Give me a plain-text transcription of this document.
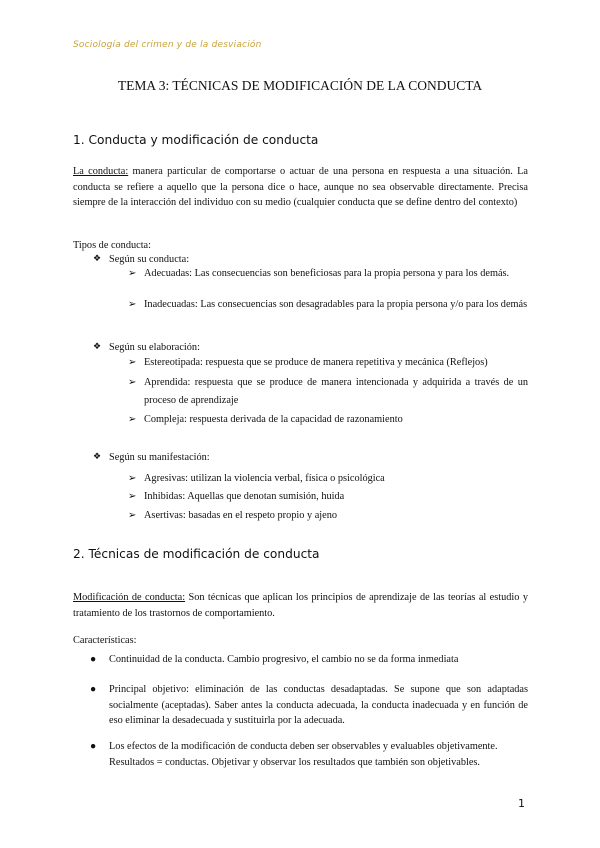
Sociología del crimen y de la desviación
TEMA 3: TÉCNICAS DE MODIFICACIÓN DE LA CONDUCTA
1. Conducta y modificación de conducta
La conducta: manera particular de comportarse o actuar de una persona en respuesta a una situación. La conducta se refiere a aquello que la persona dice o hace, aunque no sea observable directamente. Precisa siempre de la interacción del individuo con su medio (cualquier conducta que se define dentro del contexto)
Tipos de conducta:
❖ Según su conducta:
➢ Adecuadas: Las consecuencias son beneficiosas para la propia persona y para los demás.
➢ Inadecuadas: Las consecuencias son desagradables para la propia persona y/o para los demás
❖ Según su elaboración:
➢ Estereotipada: respuesta que se produce de manera repetitiva y mecánica (Reflejos)
➢ Aprendida: respuesta que se produce de manera intencionada y adquirida a través de un proceso de aprendizaje
➢ Compleja: respuesta derivada de la capacidad de razonamiento
❖ Según su manifestación:
➢ Agresivas: utilizan la violencia verbal, física o psicológica
➢ Inhibidas: Aquellas que denotan sumisión, huida
➢ Asertivas: basadas en el respeto propio y ajeno
2. Técnicas de modificación de conducta
Modificación de conducta: Son técnicas que aplican los principios de aprendizaje de las teorías al estudio y tratamiento de los trastornos de comportamiento.
Características:
● Continuidad de la conducta. Cambio progresivo, el cambio no se da forma inmediata
● Principal objetivo: eliminación de las conductas desadaptadas. Se supone que son adaptadas socialmente (aceptadas). Saber antes la conducta adecuada, la conducta inadecuada y en función de eso eliminar la desadecuada y sustituirla por la adecuada.
● Los efectos de la modificación de conducta deben ser observables y evaluables objetivamente. Resultados = conductas. Objetivar y observar los resultados que también son objetivables.
1
